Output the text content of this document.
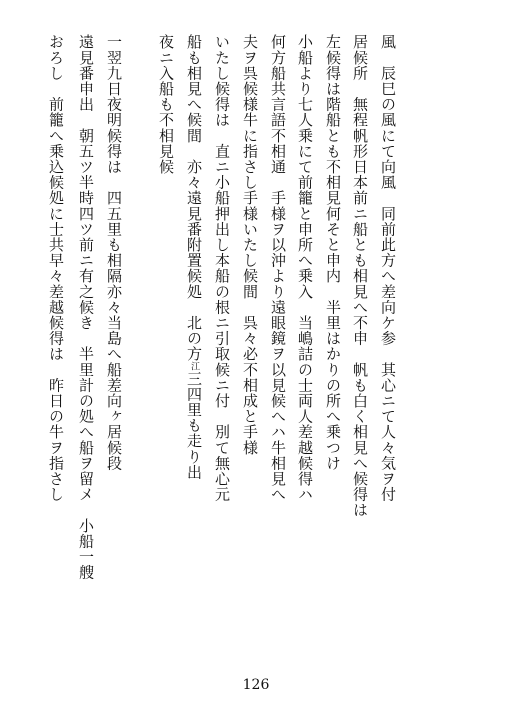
風　辰巳の風にて向風　同前此方へ差向ケ参　其心ニて人々気ヲ付
居候所　無程帆形日本前ニ船とも相見へ不申　帆も白く相見へ候得は
左候得は階船とも不相見何そと申内　半里はかりの所へ乗つけ
小船より七人乗にて前籠と申所へ乗入　当嶋詰の士両人差越候得ハ
何方船共言語不相通　手様ヲ以沖より遠眼鏡ヲ以見候へハ牛相見へ
夫ヲ呉候様牛に指さし手様いたし候間　呉々必不相成と手様
いたし候得は　直ニ小船押出し本船の根ニ引取候ニ付　別て無心元
船も相見へ候間　亦々遠見番附置候処　北の方江三四里も走り出
夜ニ入船も不相見候
一翌九日夜明候得は　四五里も相隔亦々当島へ船差向ヶ居候段
遠見番申出　朝五ツ半時四ツ前ニ有之候き　半里計の処へ船ヲ留メ　小船一艘
おろし　前籠へ乗込候処に士共早々差越候得は　昨日の牛ヲ指さし
126
